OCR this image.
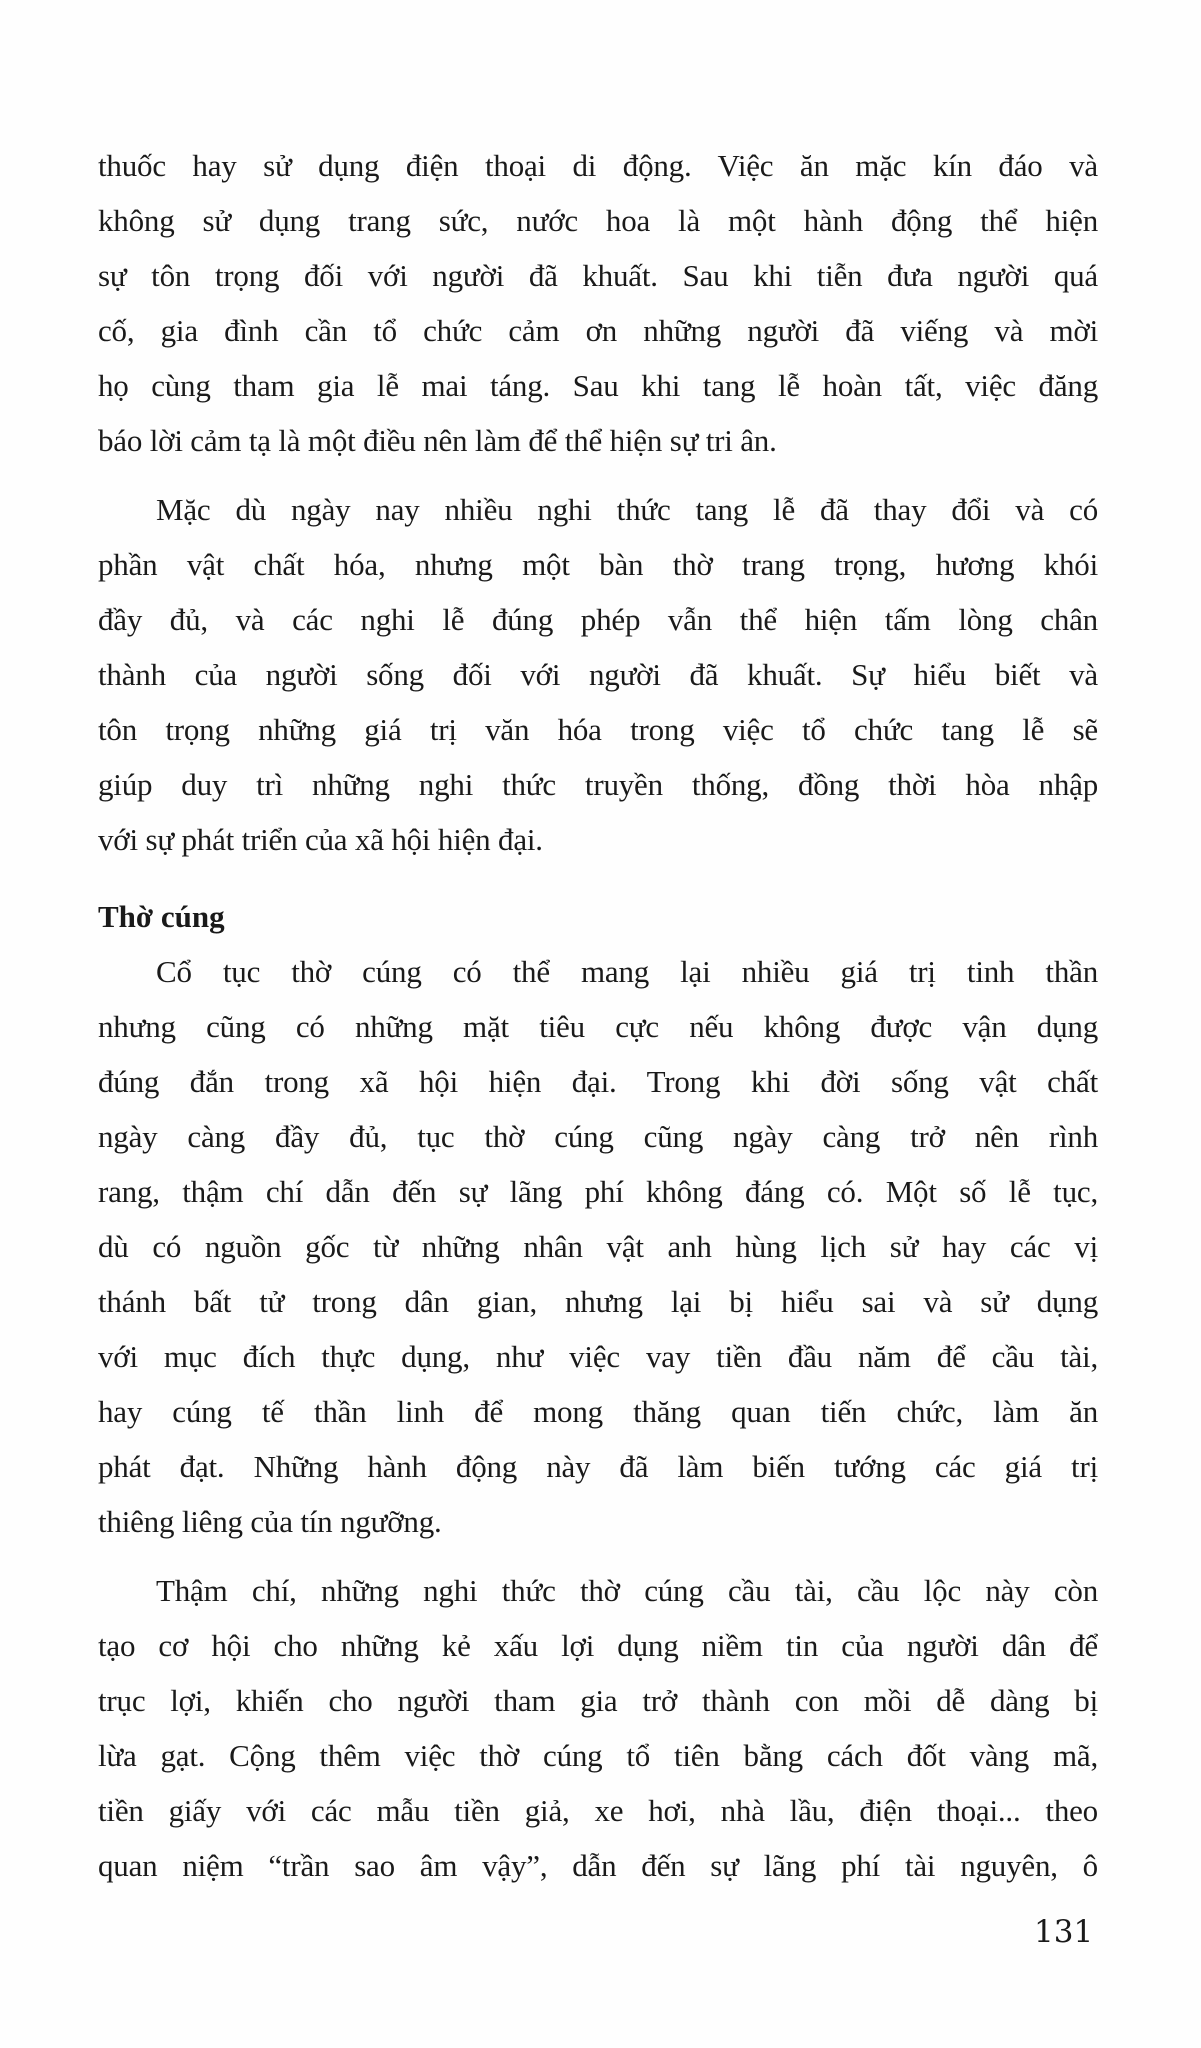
thuốc hay sử dụng điện thoại di động. Việc ăn mặc kín đáo và
không sử dụng trang sức, nước hoa là một hành động thể hiện
sự tôn trọng đối với người đã khuất. Sau khi tiễn đưa người quá
cố, gia đình cần tổ chức cảm ơn những người đã viếng và mời
họ cùng tham gia lễ mai táng. Sau khi tang lễ hoàn tất, việc đăng
báo lời cảm tạ là một điều nên làm để thể hiện sự tri ân.
Mặc dù ngày nay nhiều nghi thức tang lễ đã thay đổi và có
phần vật chất hóa, nhưng một bàn thờ trang trọng, hương khói
đầy đủ, và các nghi lễ đúng phép vẫn thể hiện tấm lòng chân
thành của người sống đối với người đã khuất. Sự hiểu biết và
tôn trọng những giá trị văn hóa trong việc tổ chức tang lễ sẽ
giúp duy trì những nghi thức truyền thống, đồng thời hòa nhập
với sự phát triển của xã hội hiện đại.
Thờ cúng
Cổ tục thờ cúng có thể mang lại nhiều giá trị tinh thần
nhưng cũng có những mặt tiêu cực nếu không được vận dụng
đúng đắn trong xã hội hiện đại. Trong khi đời sống vật chất
ngày càng đầy đủ, tục thờ cúng cũng ngày càng trở nên rình
rang, thậm chí dẫn đến sự lãng phí không đáng có. Một số lễ tục,
dù có nguồn gốc từ những nhân vật anh hùng lịch sử hay các vị
thánh bất tử trong dân gian, nhưng lại bị hiểu sai và sử dụng
với mục đích thực dụng, như việc vay tiền đầu năm để cầu tài,
hay cúng tế thần linh để mong thăng quan tiến chức, làm ăn
phát đạt. Những hành động này đã làm biến tướng các giá trị
thiêng liêng của tín ngưỡng.
Thậm chí, những nghi thức thờ cúng cầu tài, cầu lộc này còn
tạo cơ hội cho những kẻ xấu lợi dụng niềm tin của người dân để
trục lợi, khiến cho người tham gia trở thành con mồi dễ dàng bị
lừa gạt. Cộng thêm việc thờ cúng tổ tiên bằng cách đốt vàng mã,
tiền giấy với các mẫu tiền giả, xe hơi, nhà lầu, điện thoại... theo
quan niệm “trần sao âm vậy”, dẫn đến sự lãng phí tài nguyên, ô
131
